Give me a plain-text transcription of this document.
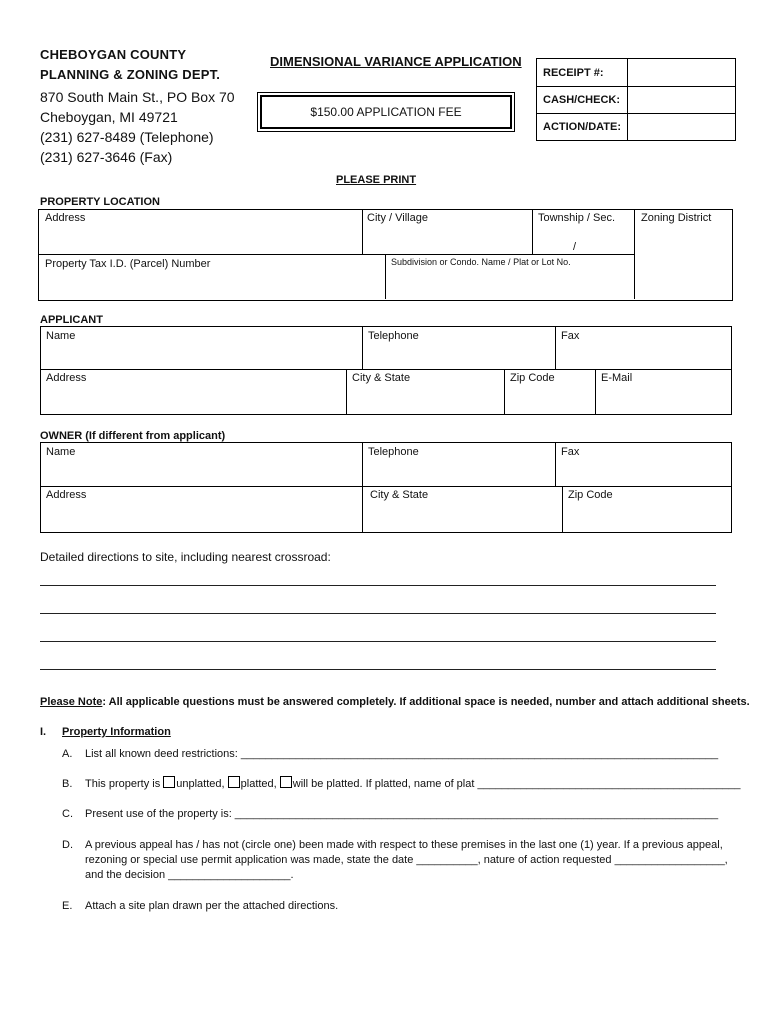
CHEBOYGAN COUNTY
PLANNING & ZONING DEPT.
870 South Main St., PO Box 70
Cheboygan, MI 49721
(231) 627-8489 (Telephone)
(231) 627-3646 (Fax)
DIMENSIONAL VARIANCE APPLICATION
$150.00 APPLICATION FEE
RECEIPT #:	
CASH/CHECK:	
ACTION/DATE:	
PLEASE PRINT
PROPERTY LOCATION
Address	City / Village	Township / Sec.
/
Zoning District
Property Tax I.D. (Parcel) Number	Subdivision or Condo. Name / Plat or Lot No.
APPLICANT
Name	Telephone	Fax
Address	City & State	Zip Code	E-Mail
OWNER (If different from applicant)
Name	Telephone	Fax
Address	City & State	Zip Code
Detailed directions to site, including nearest crossroad:
Please Note: All applicable questions must be answered completely. If additional space is needed, number and attach additional sheets.
I. Property Information
A. List all known deed restrictions: ______________________________________________________________________________
B. This property is unplatted, platted, will be platted. If platted, name of plat ___________________________________________
C. Present use of the property is: _______________________________________________________________________________
D. A previous appeal has / has not (circle one) been made with respect to these premises in the last one (1) year. If a previous appeal,
rezoning or special use permit application was made, state the date __________, nature of action requested __________________,
and the decision ____________________.
E. Attach a site plan drawn per the attached directions.
